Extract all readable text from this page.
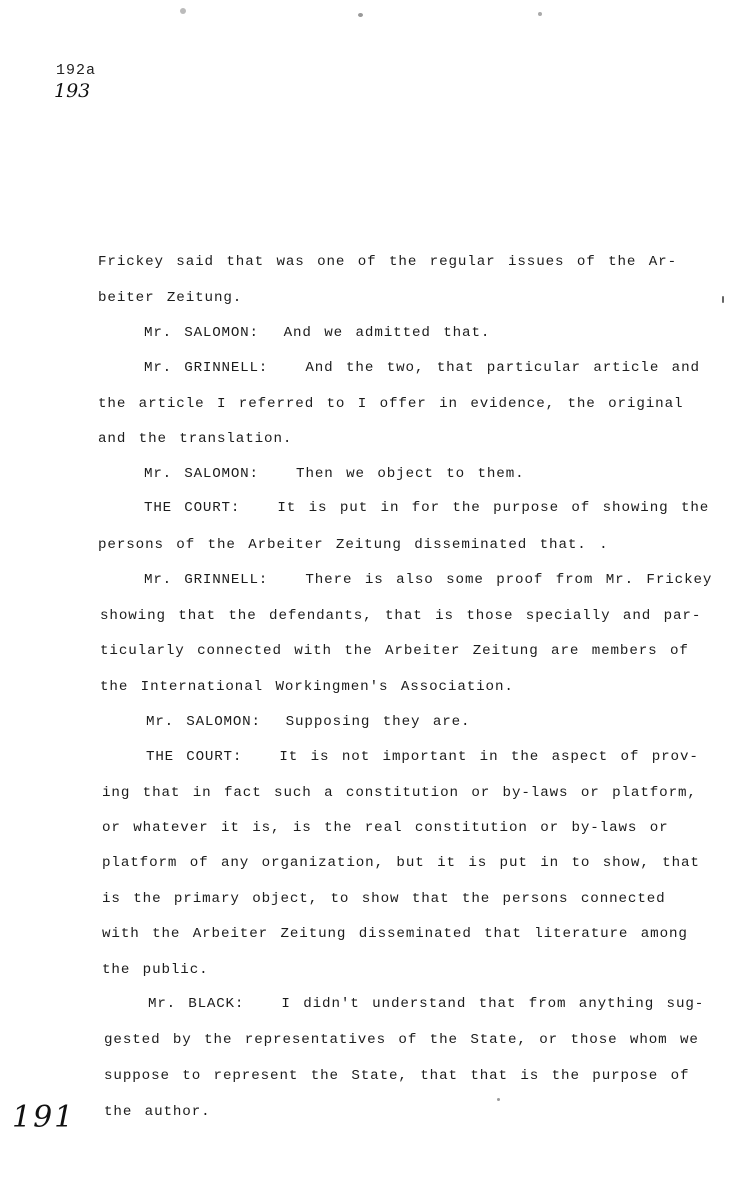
192a
193
Frickey said that was one of the regular issues of the Ar-
beiter Zeitung.
Mr. SALOMON: And we admitted that.
Mr. GRINNELL:	And the two, that particular article and
the article I referred to I offer in evidence, the original
and the translation.
Mr. SALOMON:	Then we object to them.
THE COURT:	It is put in for the purpose of showing the
persons of the Arbeiter Zeitung disseminated that. .
Mr. GRINNELL:	There is also some proof from Mr. Frickey
showing that the defendants, that is those specially and par-
ticularly connected with the Arbeiter Zeitung are members of
the International Workingmen's Association.
Mr. SALOMON: Supposing they are.
THE COURT:	It is not important in the aspect of prov-
ing that in fact such a constitution or by-laws or platform,
or whatever it is, is the real constitution or by-laws or
platform of any organization, but it is put in to show, that
is the primary object, to show that the persons connected
with the Arbeiter Zeitung disseminated that literature among
the public.
Mr. BLACK:	I didn't understand that from anything sug-
gested by the representatives of the State, or those whom we
suppose to represent the State, that that is the purpose of
the author.
191
